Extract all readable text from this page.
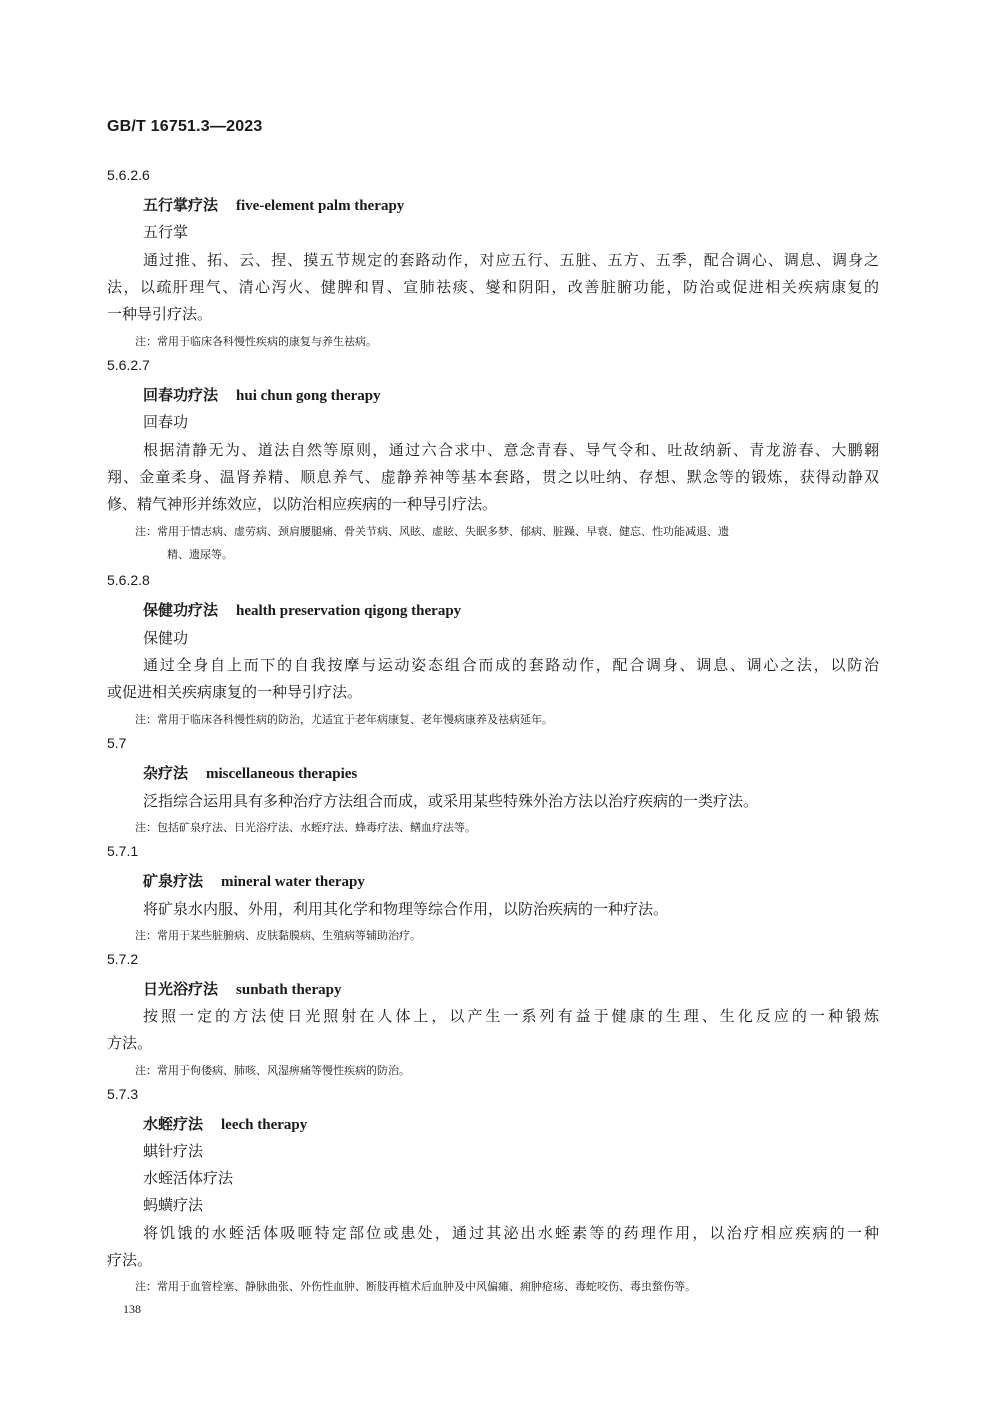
GB/T 16751.3—2023
5.6.2.6
五行掌疗法 five-element palm therapy
五行掌
通过推、拓、云、捏、摸五节规定的套路动作，对应五行、五脏、五方、五季，配合调心、调息、调身之
法，以疏肝理气、清心泻火、健脾和胃、宣肺祛痰、燮和阴阳，改善脏腑功能，防治或促进相关疾病康复的
一种导引疗法。
注：常用于临床各科慢性疾病的康复与养生祛病。
5.6.2.7
回春功疗法 hui chun gong therapy
回春功
根据清静无为、道法自然等原则，通过六合求中、意念青春、导气令和、吐故纳新、青龙游春、大鹏翱
翔、金童柔身、温肾养精、顺息养气、虚静养神等基本套路，贯之以吐纳、存想、默念等的锻炼，获得动静双
修、精气神形并练效应，以防治相应疾病的一种导引疗法。
注：常用于情志病、虚劳病、颈肩腰腿痛、骨关节病、风眩、虚眩、失眠多梦、郁病、脏躁、早衰、健忘、性功能减退、遗
精、遗尿等。
5.6.2.8
保健功疗法 health preservation qigong therapy
保健功
通过全身自上而下的自我按摩与运动姿态组合而成的套路动作，配合调身、调息、调心之法，以防治
或促进相关疾病康复的一种导引疗法。
注：常用于临床各科慢性病的防治，尤适宜于老年病康复、老年慢病康养及祛病延年。
5.7
杂疗法 miscellaneous therapies
泛指综合运用具有多种治疗方法组合而成，或采用某些特殊外治方法以治疗疾病的一类疗法。
注：包括矿泉疗法、日光浴疗法、水蛭疗法、蜂毒疗法、鳝血疗法等。
5.7.1
矿泉疗法 mineral water therapy
将矿泉水内服、外用，利用其化学和物理等综合作用，以防治疾病的一种疗法。
注：常用于某些脏腑病、皮肤黏膜病、生殖病等辅助治疗。
5.7.2
日光浴疗法 sunbath therapy
按照一定的方法使日光照射在人体上，以产生一系列有益于健康的生理、生化反应的一种锻炼
方法。
注：常用于佝偻病、肺咳、风湿痹痛等慢性疾病的防治。
5.7.3
水蛭疗法 leech therapy
蜞针疗法
水蛭活体疗法
蚂蟥疗法
将饥饿的水蛭活体吸咂特定部位或患处，通过其泌出水蛭素等的药理作用，以治疗相应疾病的一种
疗法。
注：常用于血管栓塞、静脉曲张、外伤性血肿、断肢再植术后血肿及中风偏瘫、痈肿疮疡、毒蛇咬伤、毒虫螫伤等。
138
